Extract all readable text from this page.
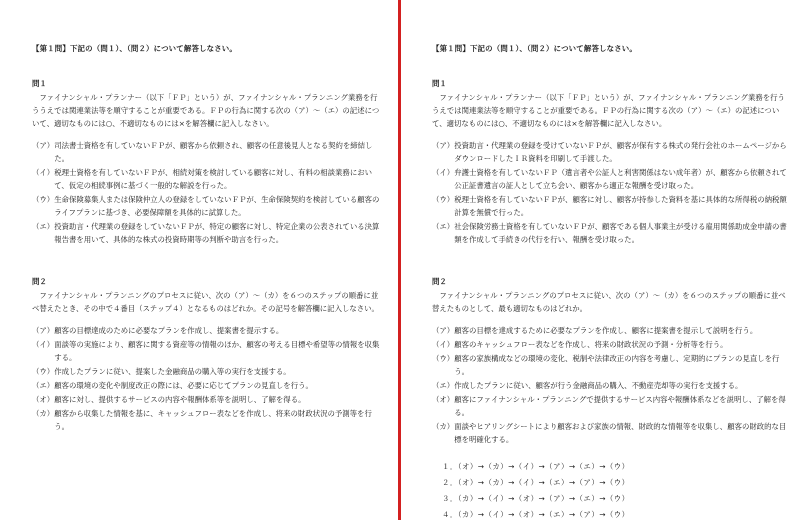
【第１問】下記の（問１）、（問２）について解答しなさい。
問１

ファイナンシャル・プランナー（以下「ＦＰ」という）が、ファイナンシャル・プランニング業務を行ううえでは関連業法等を順守することが重要である。ＦＰの行為に関する次の（ア）～（エ）の記述について、適切なものには○、不適切なものには×を解答欄に記入しなさい。

（ア） 司法書士資格を有していないＦＰが、顧客から依頼され、顧客の任意後見人となる契約を締結した。
（イ） 税理士資格を有していないＦＰが、相続対策を検討している顧客に対し、有料の相談業務において、仮定の相続事例に基づく一般的な解説を行った。
（ウ） 生命保険募集人または保険仲立人の登録をしていないＦＰが、生命保険契約を検討している顧客のライフプランに基づき、必要保障額を具体的に試算した。
（エ） 投資助言・代理業の登録をしていないＦＰが、特定の顧客に対し、特定企業の公表されている決算報告書を用いて、具体的な株式の投資時期等の判断や助言を行った。
問２

ファイナンシャル・プランニングのプロセスに従い、次の（ア）～（カ）を６つのステップの順番に並べ替えたとき、その中で４番目（ステップ４）となるものはどれか。その記号を解答欄に記入しなさい。

（ア） 顧客の目標達成のために必要なプランを作成し、提案書を提示する。
（イ） 面談等の実施により、顧客に関する資産等の情報のほか、顧客の考える目標や希望等の情報を収集する。
（ウ） 作成したプランに従い、提案した金融商品の購入等の実行を支援する。
（エ） 顧客の環境の変化や制度改正の際には、必要に応じてプランの見直しを行う。
（オ） 顧客に対し、提供するサービスの内容や報酬体系等を説明し、了解を得る。
（カ） 顧客から収集した情報を基に、キャッシュフロー表などを作成し、将来の財政状況の予測等を行う。
【第１問】下記の（問１）、（問２）について解答しなさい。
問１

ファイナンシャル・プランナー（以下「ＦＰ」という）が、ファイナンシャル・プランニング業務を行ううえでは関連業法等を順守することが重要である。ＦＰの行為に関する次の（ア）～（エ）の記述について、適切なものには○、不適切なものには×を解答欄に記入しなさい。

（ア） 投資助言・代理業の登録を受けていないＦＰが、顧客が保有する株式の発行会社のホームページからダウンロードしたＩＲ資料を印刷して手渡した。
（イ） 弁護士資格を有していないＦＰ（遺言者や公証人と利害関係はない成年者）が、顧客から依頼されて公正証書遺言の証人として立ち会い、顧客から適正な報酬を受け取った。
（ウ） 税理士資格を有していないＦＰが、顧客に対し、顧客が持参した資料を基に具体的な所得税の納税額計算を無償で行った。
（エ） 社会保険労務士資格を有していないＦＰが、顧客である個人事業主が受ける雇用関係助成金申請の書類を作成して手続きの代行を行い、報酬を受け取った。
問２

ファイナンシャル・プランニングのプロセスに従い、次の（ア）～（カ）を６つのステップの順番に並べ替えたものとして、最も適切なものはどれか。

（ア） 顧客の目標を達成するために必要なプランを作成し、顧客に提案書を提示して説明を行う。
（イ） 顧客のキャッシュフロー表などを作成し、将来の財政状況の予測・分析等を行う。
（ウ） 顧客の家族構成などの環境の変化、税制や法律改正の内容を考慮し、定期的にプランの見直しを行う。
（エ） 作成したプランに従い、顧客が行う金融商品の購入、不動産売却等の実行を支援する。
（オ） 顧客にファイナンシャル・プランニングで提供するサービス内容や報酬体系などを説明し、了解を得る。
（カ） 面談やヒアリングシートにより顧客および家族の情報、財政的な情報等を収集し、顧客の財政的な目標を明確化する。
１．（オ）→（カ）→（イ）→（ア）→（エ）→（ウ）
２．（オ）→（カ）→（イ）→（エ）→（ア）→（ウ）
３．（カ）→（イ）→（オ）→（ア）→（エ）→（ウ）
４．（カ）→（イ）→（オ）→（エ）→（ア）→（ウ）
